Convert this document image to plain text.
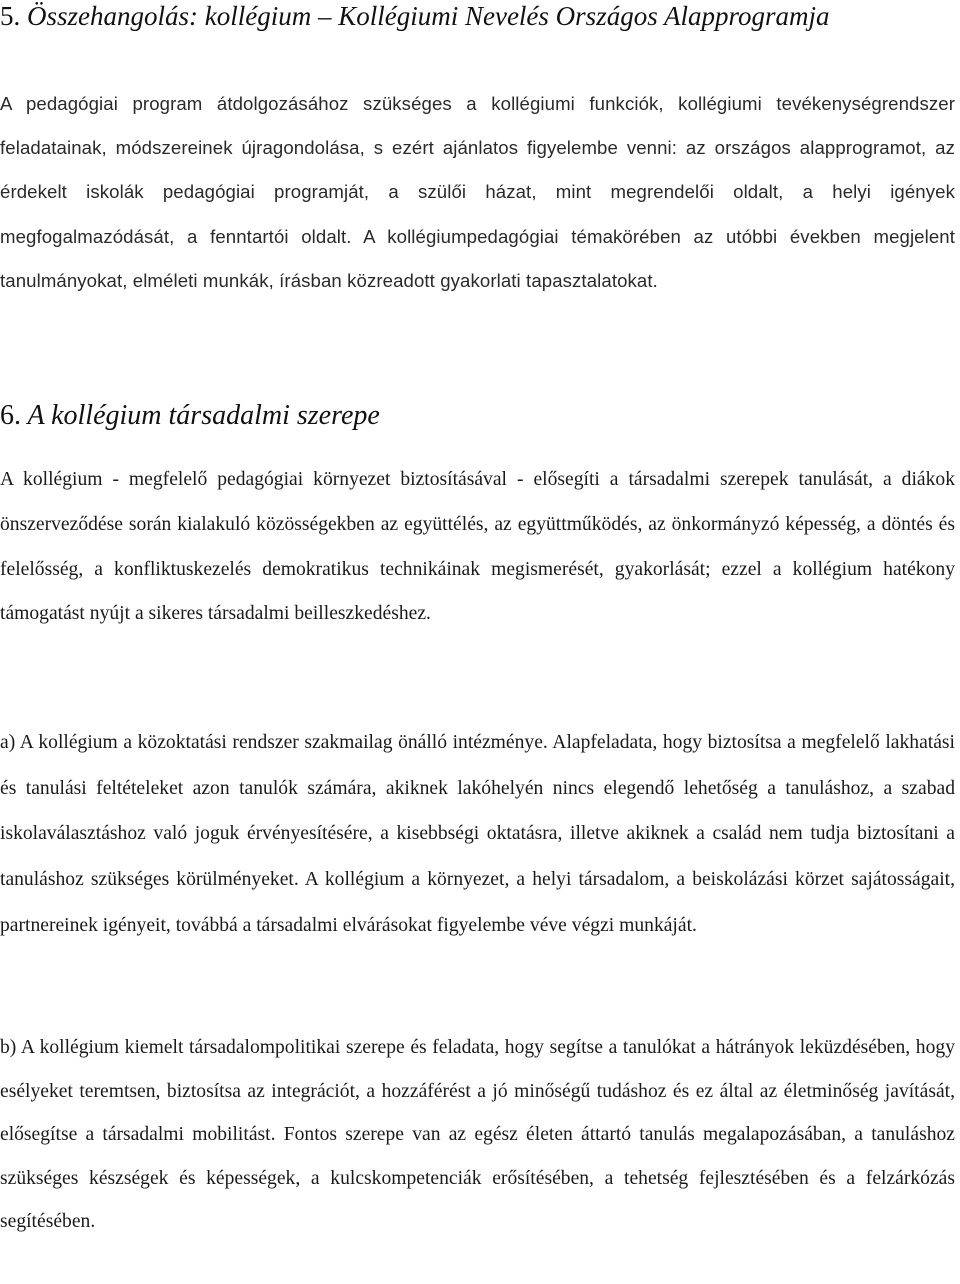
5. Összehangolás: kollégium – Kollégiumi Nevelés Országos Alapprogramja

A pedagógiai program átdolgozásához szükséges a kollégiumi funkciók, kollégiumi tevékenységrendszer feladatainak, módszereinek újragondolása, s ezért ajánlatos figyelembe venni: az országos alapprogramot, az érdekelt iskolák pedagógiai programját, a szülői házat, mint megrendelői oldalt, a helyi igények megfogalmazódását, a fenntartói oldalt. A kollégiumpedagógiai témakörében az utóbbi években megjelent tanulmányokat, elméleti munkák, írásban közreadott gyakorlati tapasztalatokat.

6. A kollégium társadalmi szerepe

A kollégium - megfelelő pedagógiai környezet biztosításával - elősegíti a társadalmi szerepek tanulását, a diákok önszerveződése során kialakuló közösségekben az együttélés, az együttműködés, az önkormányzó képesség, a döntés és felelősség, a konfliktuskezelés demokratikus technikáinak megismerését, gyakorlását; ezzel a kollégium hatékony támogatást nyújt a sikeres társadalmi beilleszkedéshez.

a) A kollégium a közoktatási rendszer szakmailag önálló intézménye. Alapfeladata, hogy biztosítsa a megfelelő lakhatási és tanulási feltételeket azon tanulók számára, akiknek lakóhelyén nincs elegendő lehetőség a tanuláshoz, a szabad iskolaválasztáshoz való joguk érvényesítésére, a kisebbségi oktatásra, illetve akiknek a család nem tudja biztosítani a tanuláshoz szükséges körülményeket. A kollégium a környezet, a helyi társadalom, a beiskolázási körzet sajátosságait, partnereinek igényeit, továbbá a társadalmi elvárásokat figyelembe véve végzi munkáját.

b) A kollégium kiemelt társadalompolitikai szerepe és feladata, hogy segítse a tanulókat a hátrányok leküzdésében, hogy esélyeket teremtsen, biztosítsa az integrációt, a hozzáférést a jó minőségű tudáshoz és ez által az életminőség javítását, elősegítse a társadalmi mobilitást. Fontos szerepe van az egész életen áttartó tanulás megalapozásában, a tanuláshoz szükséges készségek és képességek, a kulcskompetenciák erősítésében, a tehetség fejlesztésében és a felzárkózás segítésében.
